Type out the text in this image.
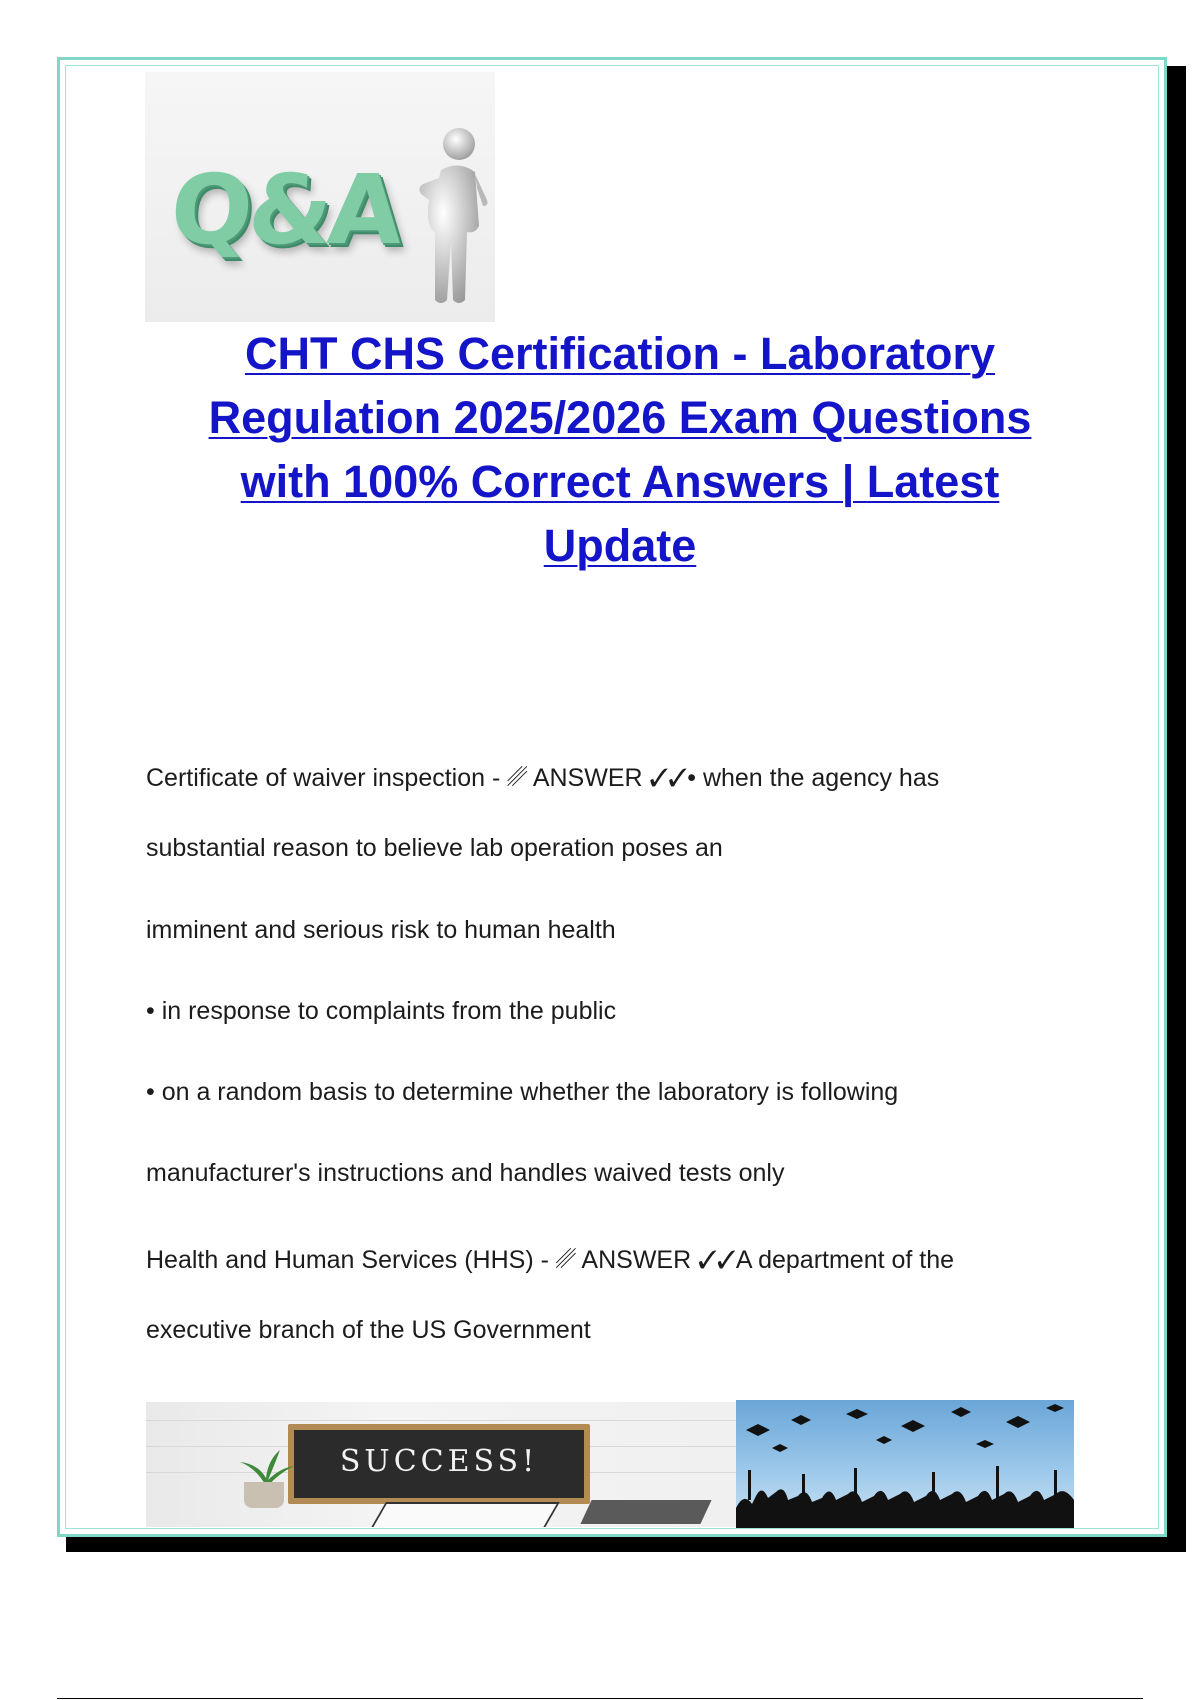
Q&A
CHT CHS Certification - Laboratory
Regulation 2025/2026 Exam Questions
with 100% Correct Answers | Latest
Update
Certificate of waiver inspection - ␥ ANSWER ✓✓• when the agency has
substantial reason to believe lab operation poses an
imminent and serious risk to human health
• in response to complaints from the public
• on a random basis to determine whether the laboratory is following
manufacturer's instructions and handles waived tests only
Health and Human Services (HHS) - ␥ ANSWER ✓✓A department of the
executive branch of the US Government
SUCCESS!
